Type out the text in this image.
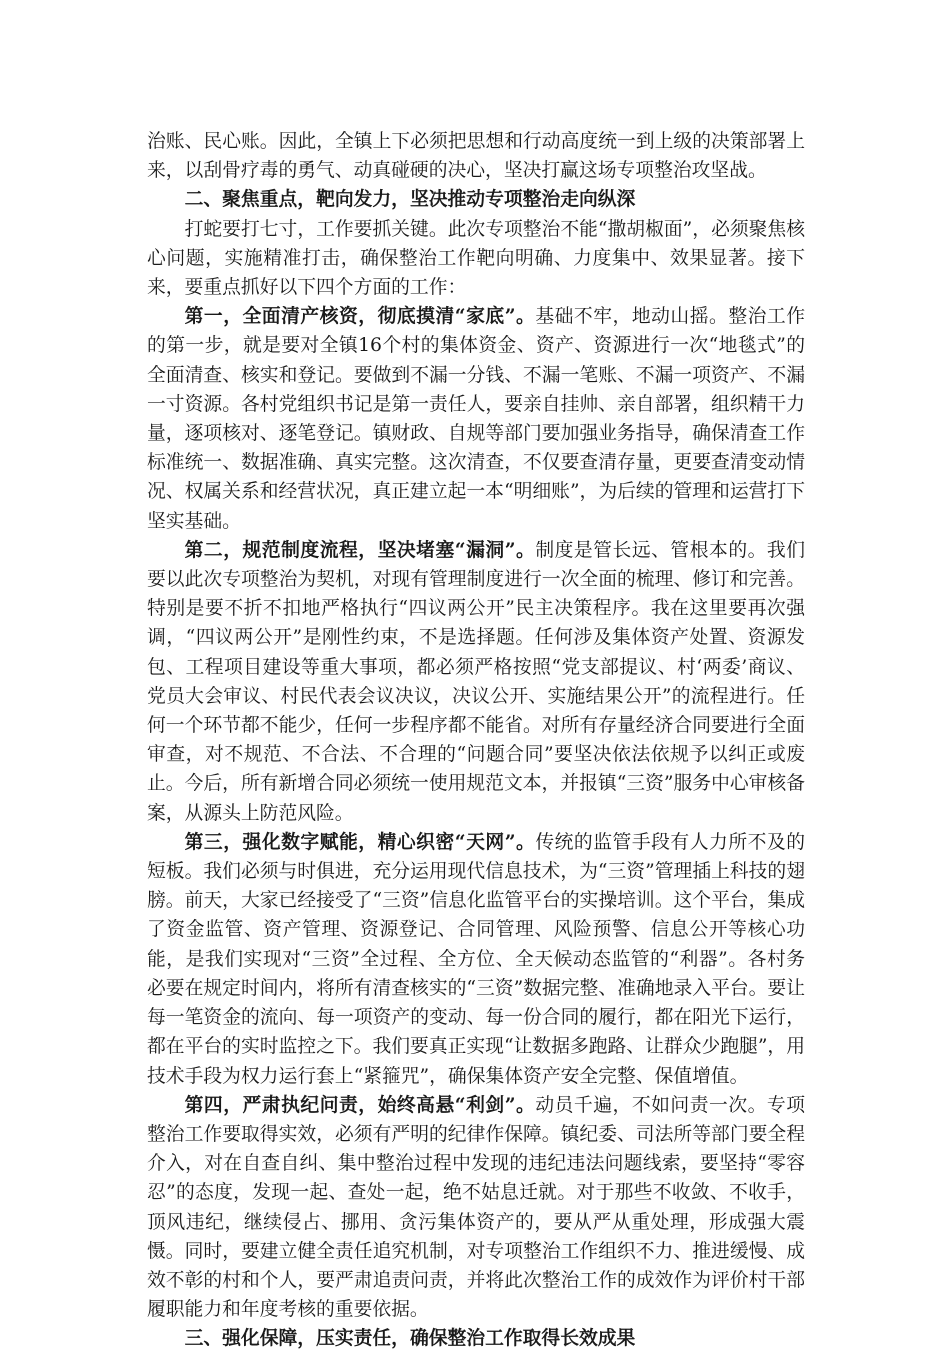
治账、民心账。因此，全镇上下必须把思想和行动高度统一到上级的决策部署上来，以刮骨疗毒的勇气、动真碰硬的决心，坚决打赢这场专项整治攻坚战。

二、聚焦重点，靶向发力，坚决推动专项整治走向纵深

打蛇要打七寸，工作要抓关键。此次专项整治不能“撒胡椒面”，必须聚焦核心问题，实施精准打击，确保整治工作靶向明确、力度集中、效果显著。接下来，要重点抓好以下四个方面的工作：

第一，全面清产核资，彻底摸清“家底”。基础不牢，地动山摇。整治工作的第一步，就是要对全镇16个村的集体资金、资产、资源进行一次“地毯式”的全面清查、核实和登记。要做到不漏一分钱、不漏一笔账、不漏一项资产、不漏一寸资源。各村党组织书记是第一责任人，要亲自挂帅、亲自部署，组织精干力量，逐项核对、逐笔登记。镇财政、自规等部门要加强业务指导，确保清查工作标准统一、数据准确、真实完整。这次清查，不仅要查清存量，更要查清变动情况、权属关系和经营状况，真正建立起一本“明细账”，为后续的管理和运营打下坚实基础。

第二，规范制度流程，坚决堵塞“漏洞”。制度是管长远、管根本的。我们要以此次专项整治为契机，对现有管理制度进行一次全面的梳理、修订和完善。特别是要不折不扣地严格执行“四议两公开”民主决策程序。我在这里要再次强调，“四议两公开”是刚性约束，不是选择题。任何涉及集体资产处置、资源发包、工程项目建设等重大事项，都必须严格按照“党支部提议、村‘两委’商议、党员大会审议、村民代表会议决议，决议公开、实施结果公开”的流程进行。任何一个环节都不能少，任何一步程序都不能省。对所有存量经济合同要进行全面审查，对不规范、不合法、不合理的“问题合同”要坚决依法依规予以纠正或废止。今后，所有新增合同必须统一使用规范文本，并报镇“三资”服务中心审核备案，从源头上防范风险。

第三，强化数字赋能，精心织密“天网”。传统的监管手段有人力所不及的短板。我们必须与时俱进，充分运用现代信息技术，为“三资”管理插上科技的翅膀。前天，大家已经接受了“三资”信息化监管平台的实操培训。这个平台，集成了资金监管、资产管理、资源登记、合同管理、风险预警、信息公开等核心功能，是我们实现对“三资”全过程、全方位、全天候动态监管的“利器”。各村务必要在规定时间内，将所有清查核实的“三资”数据完整、准确地录入平台。要让每一笔资金的流向、每一项资产的变动、每一份合同的履行，都在阳光下运行，都在平台的实时监控之下。我们要真正实现“让数据多跑路、让群众少跑腿”，用技术手段为权力运行套上“紧箍咒”，确保集体资产安全完整、保值增值。

第四，严肃执纪问责，始终高悬“利剑”。动员千遍，不如问责一次。专项整治工作要取得实效，必须有严明的纪律作保障。镇纪委、司法所等部门要全程介入，对在自查自纠、集中整治过程中发现的违纪违法问题线索，要坚持“零容忍”的态度，发现一起、查处一起，绝不姑息迁就。对于那些不收敛、不收手，顶风违纪，继续侵占、挪用、贪污集体资产的，要从严从重处理，形成强大震慑。同时，要建立健全责任追究机制，对专项整治工作组织不力、推进缓慢、成效不彰的村和个人，要严肃追责问责，并将此次整治工作的成效作为评价村干部履职能力和年度考核的重要依据。

三、强化保障，压实责任，确保整治工作取得长效成果
